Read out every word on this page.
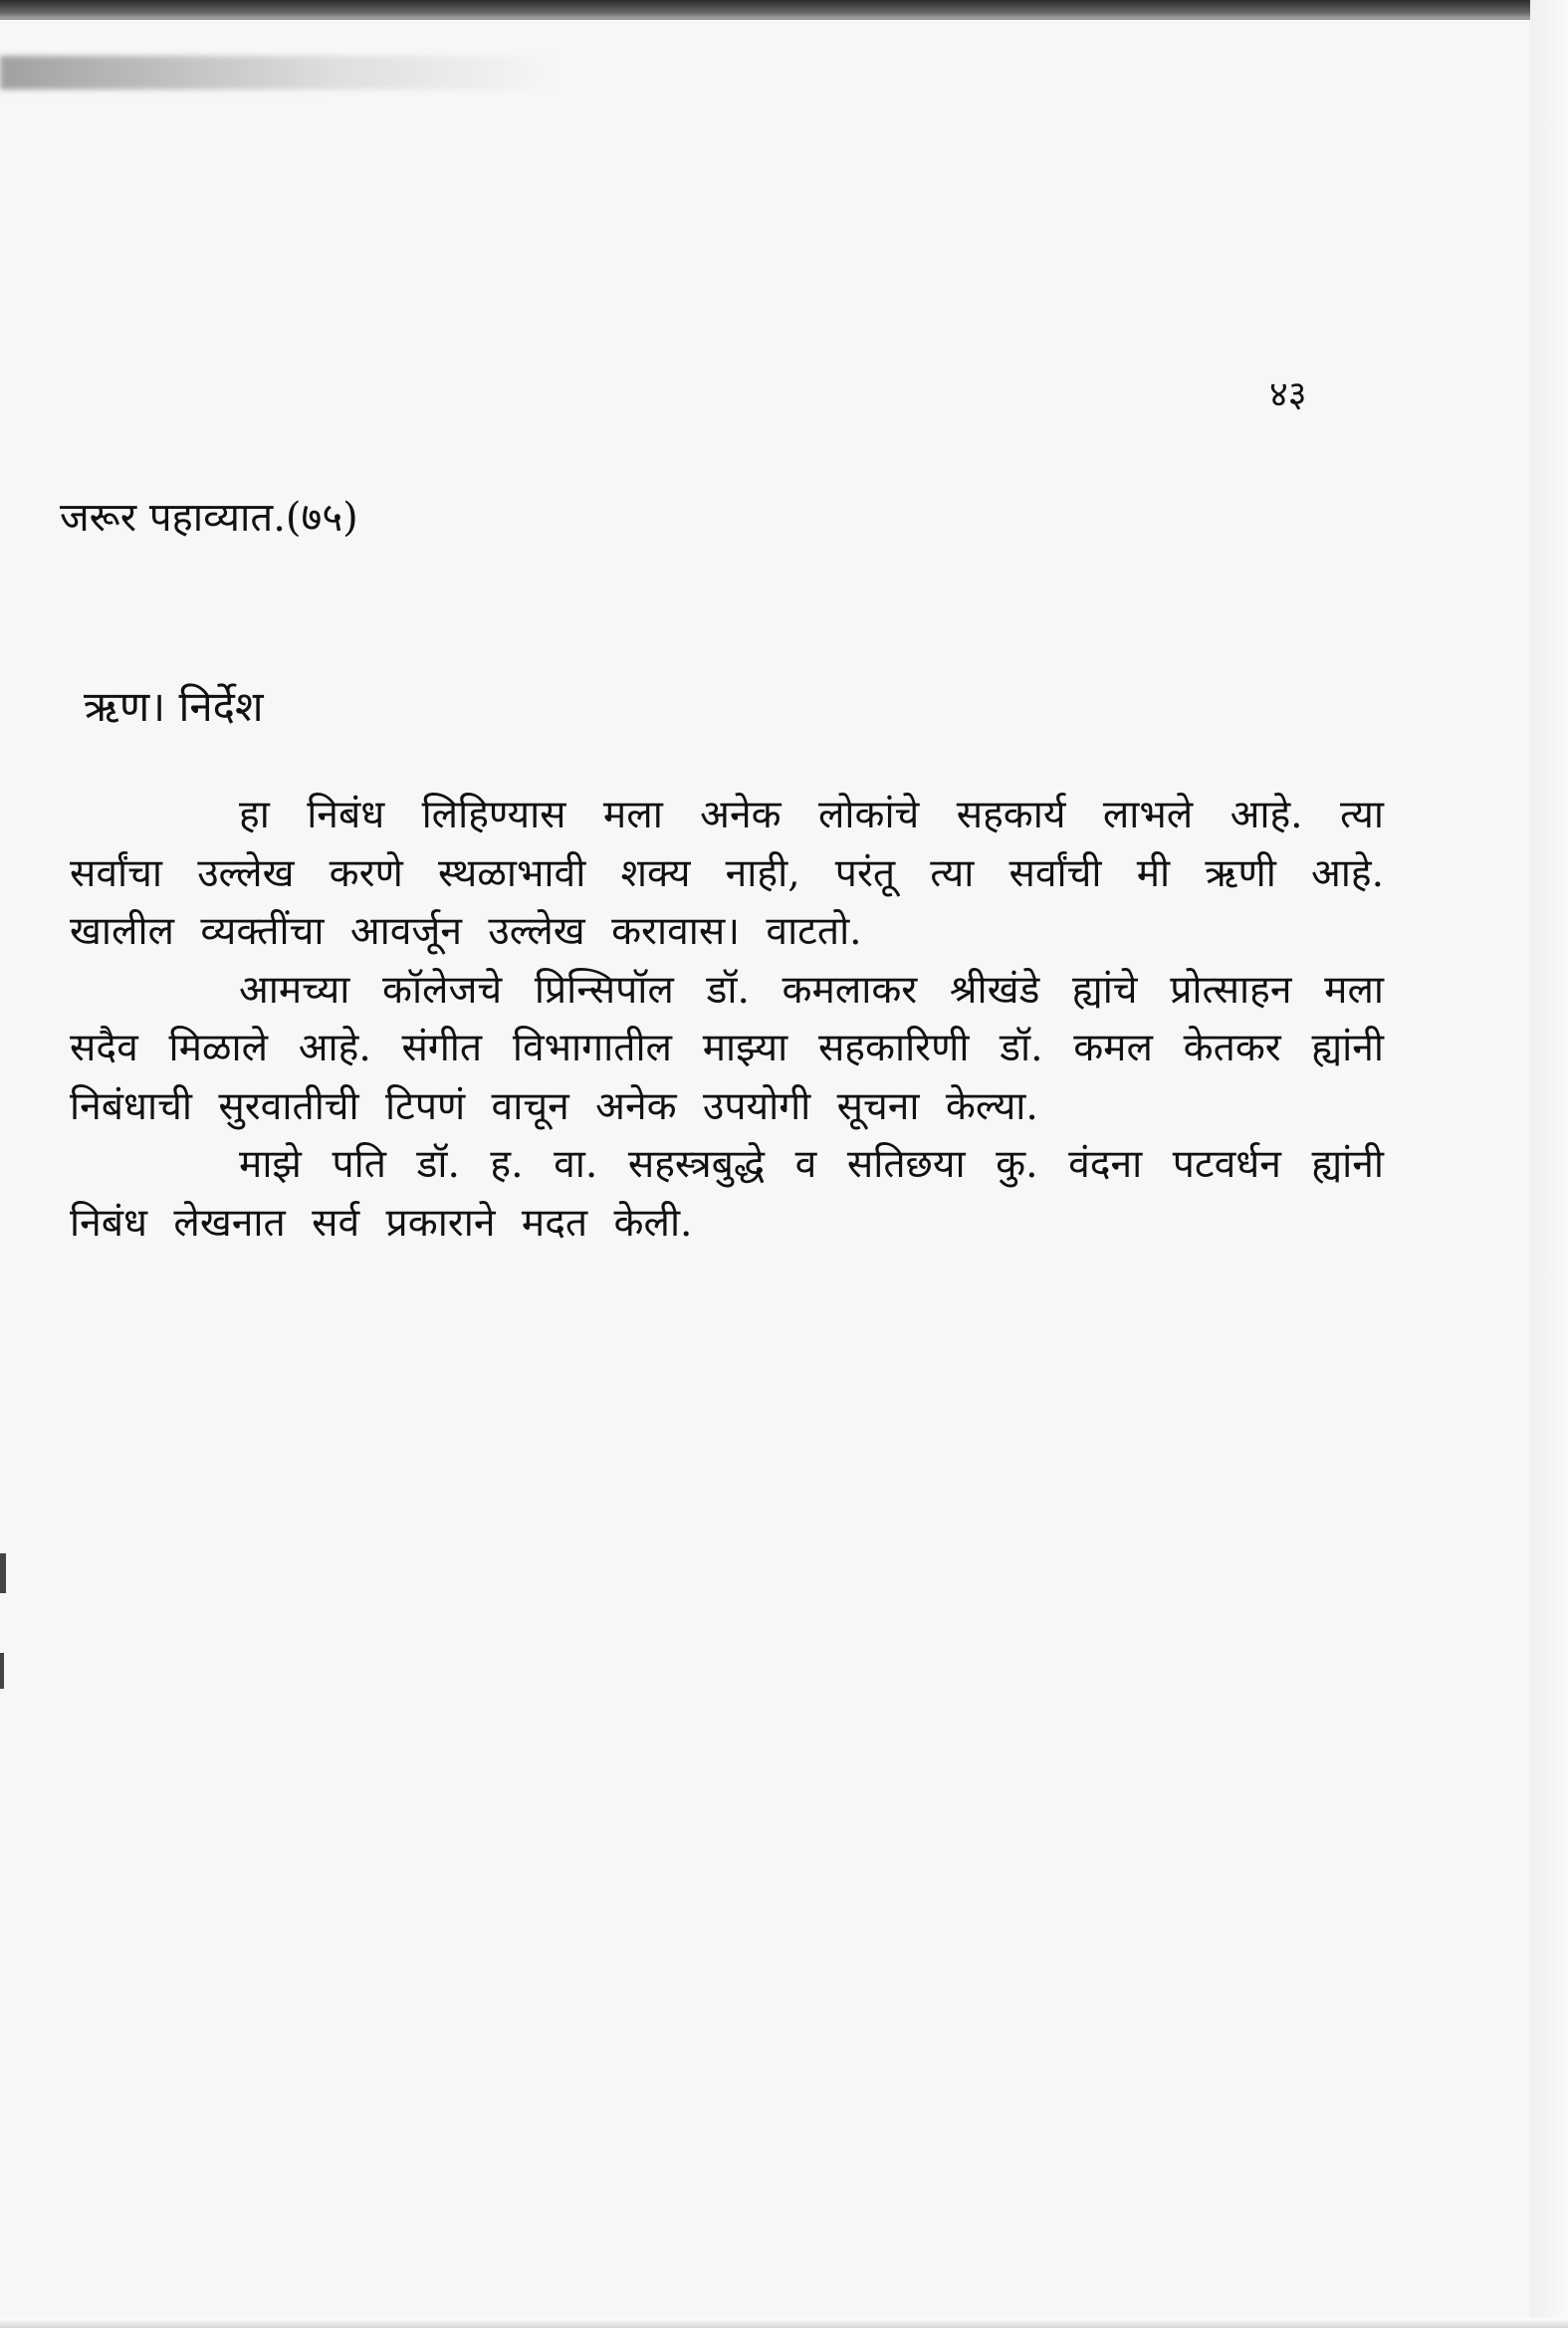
४३
जरूर पहाव्यात.(७५)
ऋण। निर्देश

हा निबंध लिहिण्यास मला अनेक लोकांचे सहकार्य लाभले आहे. त्या सर्वांचा उल्लेख करणे स्थळाभावी शक्य नाही, परंतू त्या सर्वांची मी ऋणी आहे. खालील व्यक्तींचा आवर्जून उल्लेख करावास। वाटतो.

आमच्या कॉलेजचे प्रिन्सिपॉल डॉ. कमलाकर श्रीखंडे ह्यांचे प्रोत्साहन मला सदैव मिळाले आहे. संगीत विभागातील माझ्या सहकारिणी डॉ. कमल केतकर ह्यांनी निबंधाची सुरवातीची टिपणं वाचून अनेक उपयोगी सूचना केल्या.

माझे पति डॉ. ह. वा. सहस्त्रबुद्धे व सतिछया कु. वंदना पटवर्धन ह्यांनी निबंध लेखनात सर्व प्रकाराने मदत केली.
